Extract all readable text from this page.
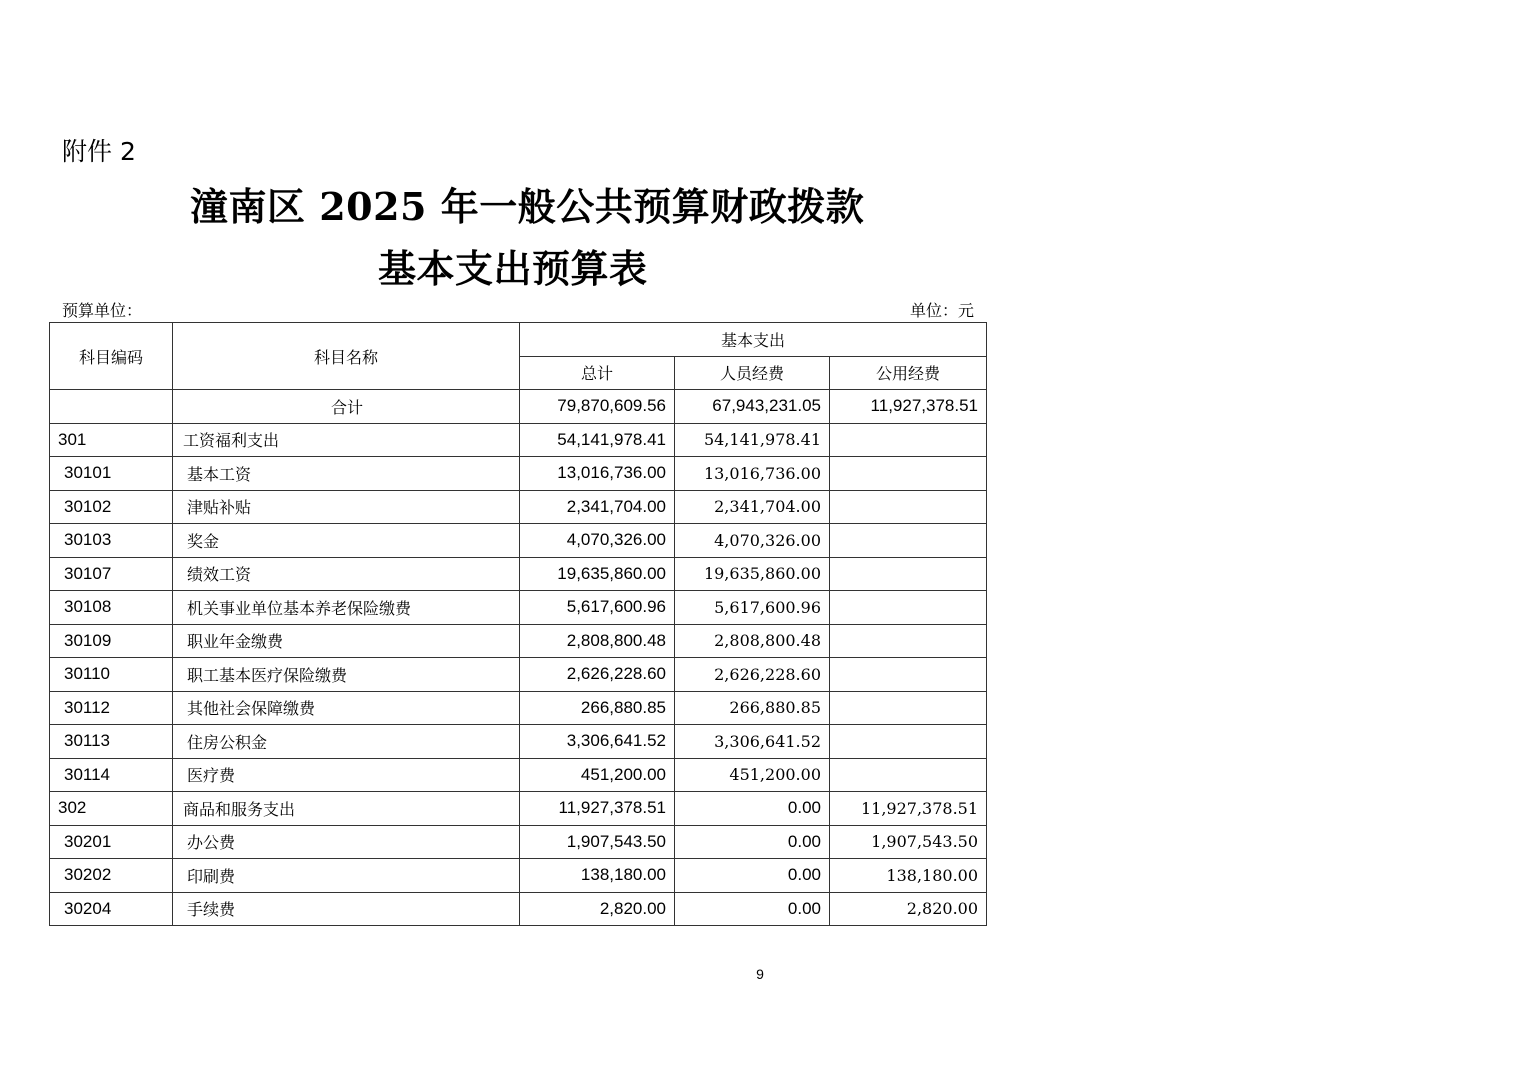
附件 2
潼南区 2025 年一般公共预算财政拨款
基本支出预算表
预算单位：	单位：元
科目编码	科目名称	基本支出		
		总计	人员经费	公用经费
	合计	79,870,609.56	67,943,231.05	11,927,378.51
301	工资福利支出	54,141,978.41	54,141,978.41	
30101	基本工资	13,016,736.00	13,016,736.00	
30102	津贴补贴	2,341,704.00	2,341,704.00	
30103	奖金	4,070,326.00	4,070,326.00	
30107	绩效工资	19,635,860.00	19,635,860.00	
30108	机关事业单位基本养老保险缴费	5,617,600.96	5,617,600.96	
30109	职业年金缴费	2,808,800.48	2,808,800.48	
30110	职工基本医疗保险缴费	2,626,228.60	2,626,228.60	
30112	其他社会保障缴费	266,880.85	266,880.85	
30113	住房公积金	3,306,641.52	3,306,641.52	
30114	医疗费	451,200.00	451,200.00	
302	商品和服务支出	11,927,378.51	0.00	11,927,378.51
30201	办公费	1,907,543.50	0.00	1,907,543.50
30202	印刷费	138,180.00	0.00	138,180.00
30204	手续费	2,820.00	0.00	2,820.00
9
